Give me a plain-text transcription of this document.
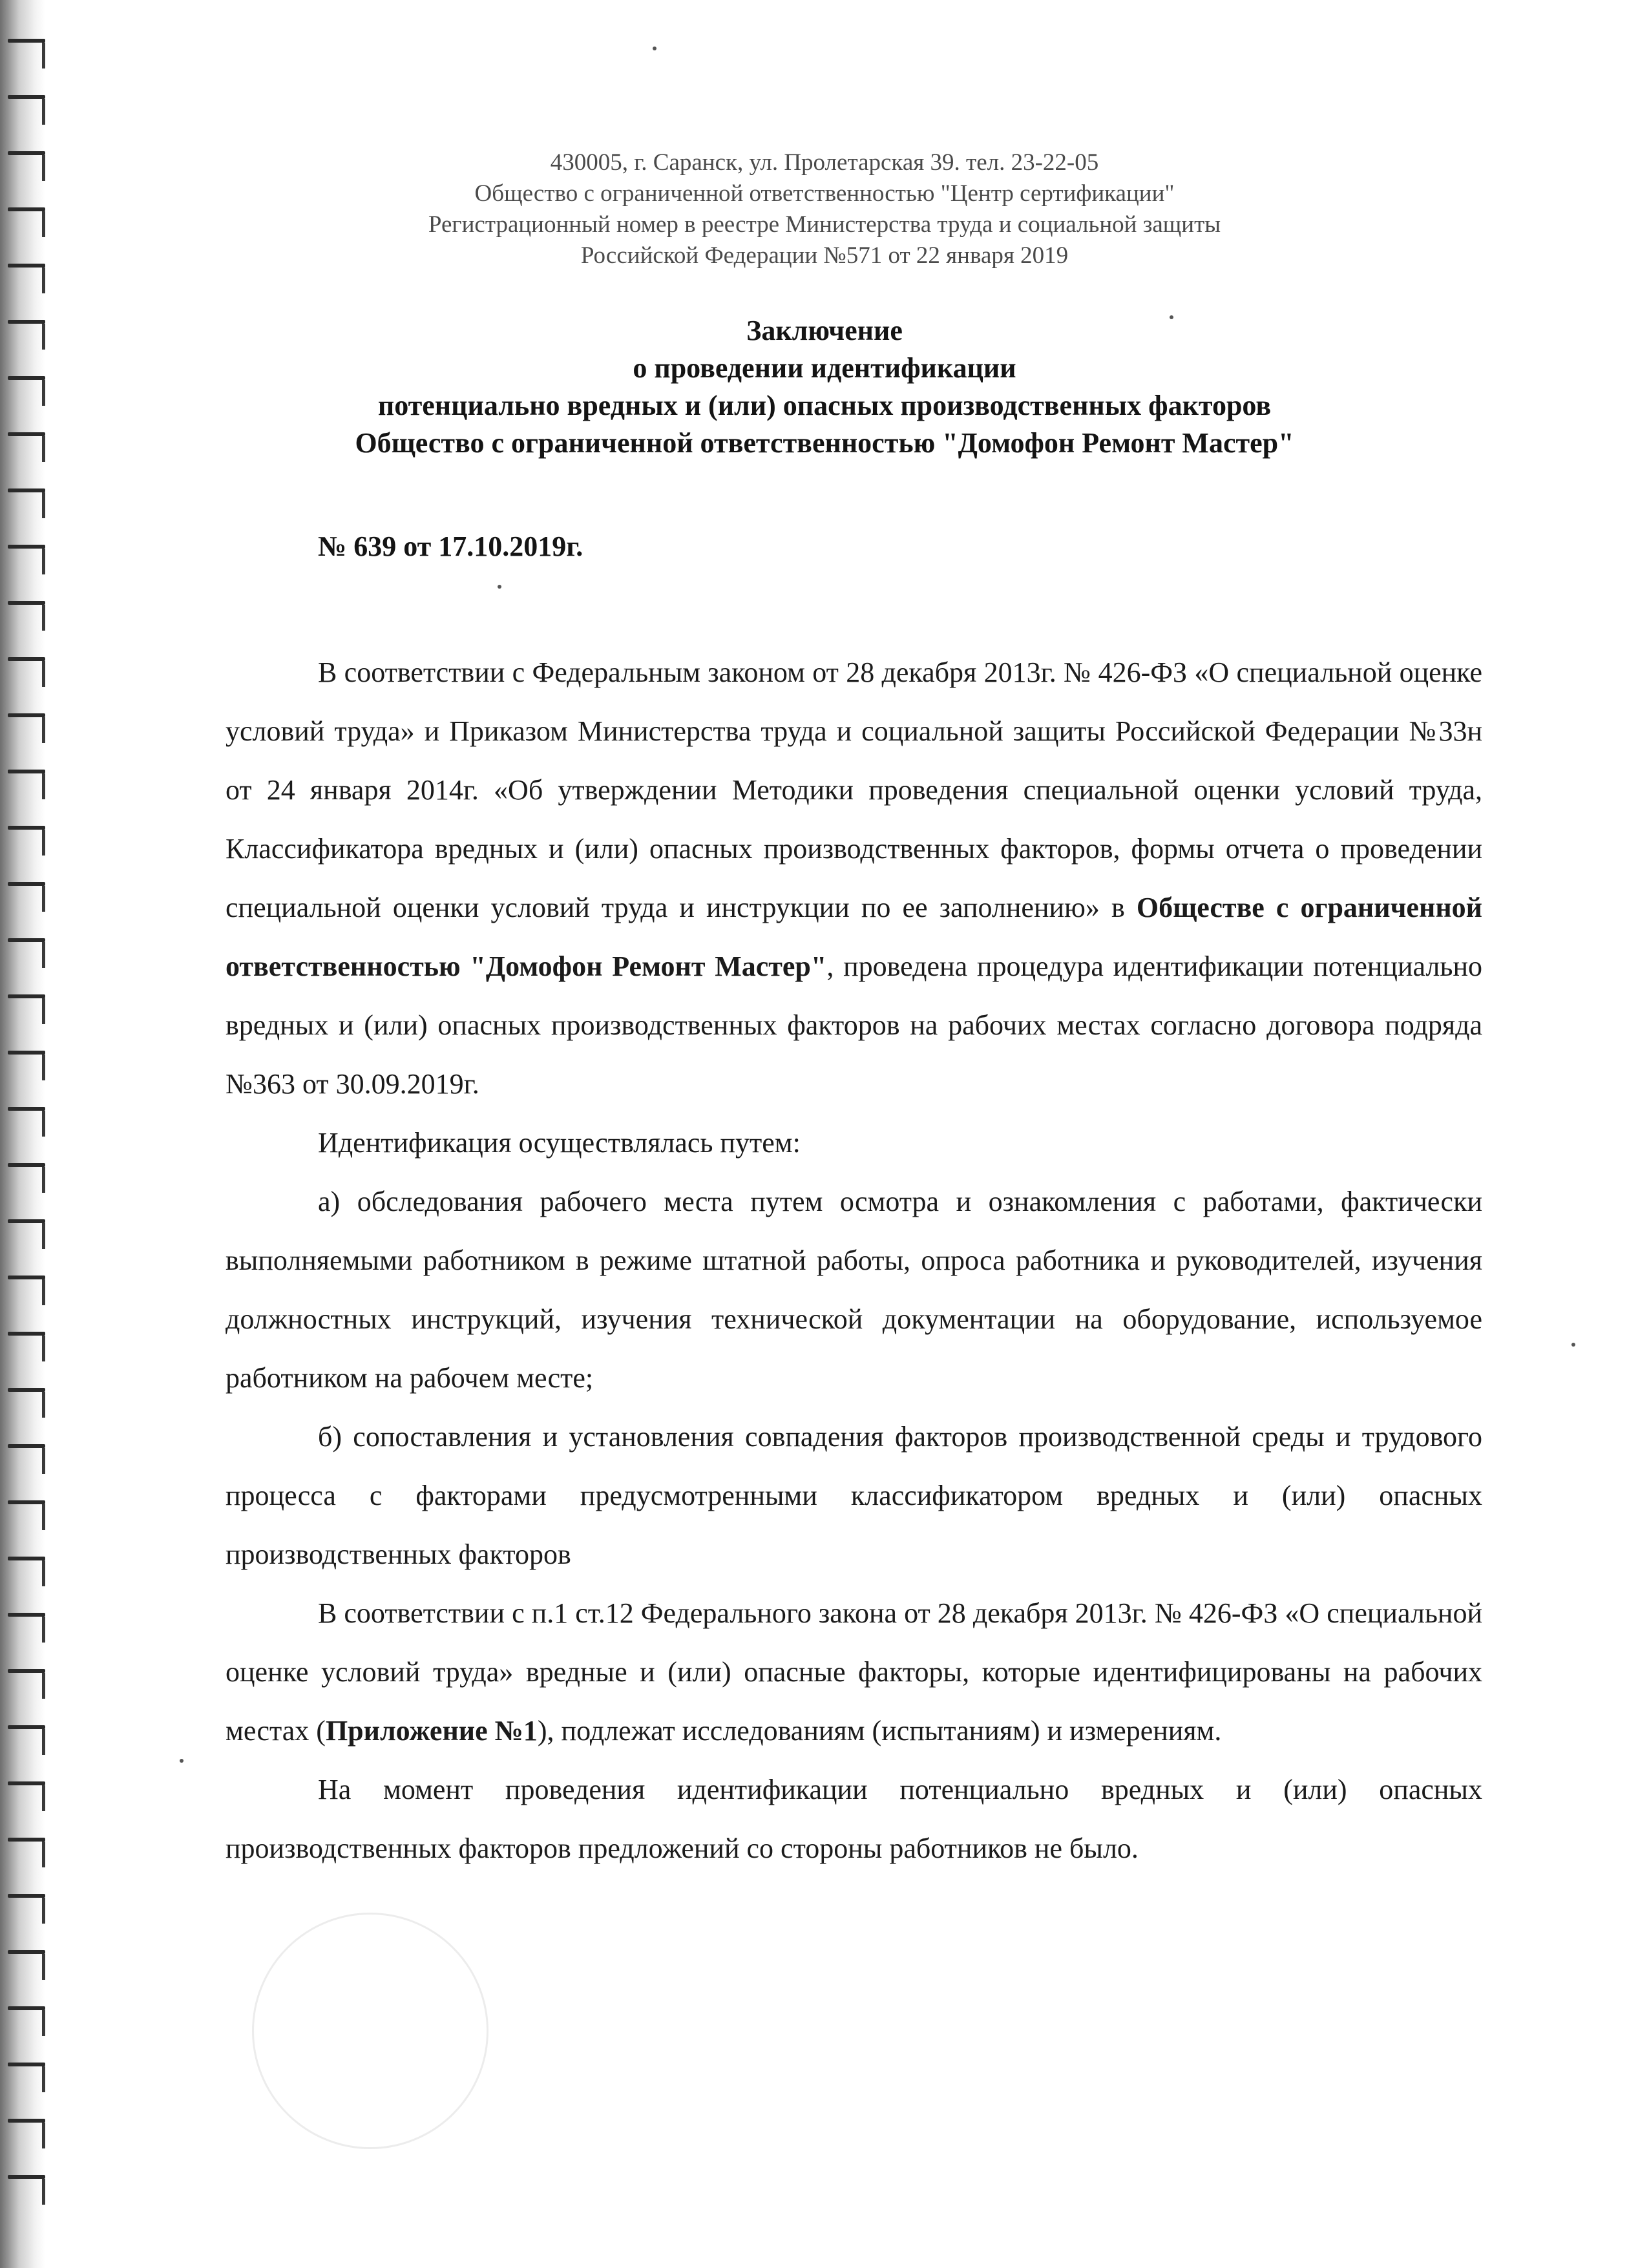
430005, г. Саранск, ул. Пролетарская 39. тел. 23-22-05
Общество с ограниченной ответственностью "Центр сертификации"
Регистрационный номер в реестре Министерства труда и социальной защиты
Российской Федерации №571 от 22 января 2019
Заключение
о проведении идентификации
потенциально вредных и (или) опасных производственных факторов
Общество с ограниченной ответственностью "Домофон Ремонт Мастер"
№ 639 от 17.10.2019г.

В соответствии с Федеральным законом от 28 декабря 2013г. № 426-ФЗ «О специальной оценке условий труда» и Приказом Министерства труда и социальной защиты Российской Федерации №33н от 24 января 2014г. «Об утверждении Методики проведения специальной оценки условий труда, Классификатора вредных и (или) опасных производственных факторов, формы отчета о проведении специальной оценки условий труда и инструкции по ее заполнению» в Обществе с ограниченной ответственностью "Домофон Ремонт Мастер", проведена процедура идентификации потенциально вредных и (или) опасных производственных факторов на рабочих местах согласно договора подряда №363 от 30.09.2019г.

Идентификация осуществлялась путем:

а) обследования рабочего места путем осмотра и ознакомления с работами, фактически выполняемыми работником в режиме штатной работы, опроса работника и руководителей, изучения должностных инструкций, изучения технической документации на оборудование, используемое работником на рабочем месте;

б) сопоставления и установления совпадения факторов производственной среды и трудового процесса с факторами предусмотренными классификатором вредных и (или) опасных производственных факторов

В соответствии с п.1 ст.12 Федерального закона от 28 декабря 2013г. № 426-ФЗ «О специальной оценке условий труда» вредные и (или) опасные факторы, которые идентифицированы на рабочих местах (Приложение №1), подлежат исследованиям (испытаниям) и измерениям.

На момент проведения идентификации потенциально вредных и (или) опасных производственных факторов предложений со стороны работников не было.
